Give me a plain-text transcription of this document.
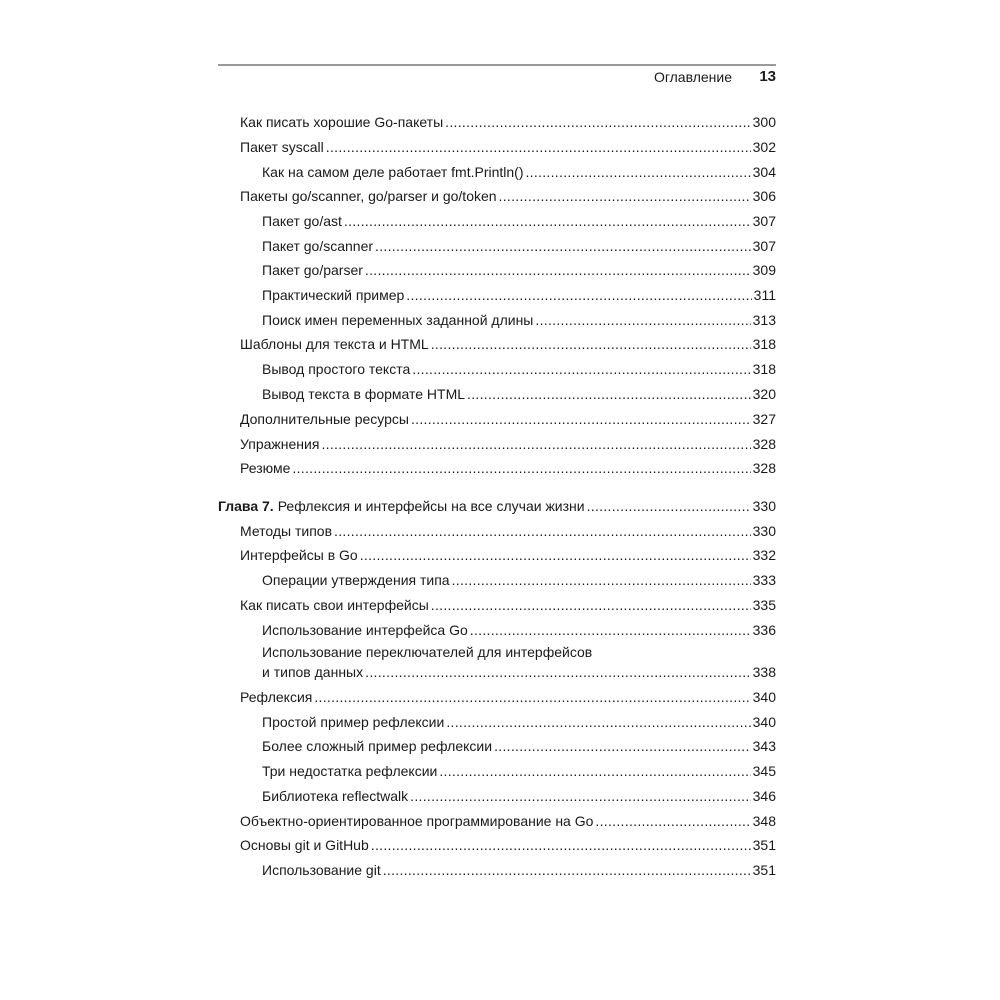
Оглавление 13
Как писать хорошие Go-пакеты .....	300
Пакет syscall .....	302
Как на самом деле работает fmt.Println() .....	304
Пакеты go/scanner, go/parser и go/token .....	306
Пакет go/ast .....	307
Пакет go/scanner .....	307
Пакет go/parser .....	309
Практический пример .....	311
Поиск имен переменных заданной длины .....	313
Шаблоны для текста и HTML .....	318
Вывод простого текста .....	318
Вывод текста в формате HTML .....	320
Дополнительные ресурсы .....	327
Упражнения .....	328
Резюме .....	328
Глава 7. Рефлексия и интерфейсы на все случаи жизни .....	330
Методы типов .....	330
Интерфейсы в Go .....	332
Операции утверждения типа .....	333
Как писать свои интерфейсы .....	335
Использование интерфейса Go .....	336
Использование переключателей для интерфейсов
и типов данных .....	338
Рефлексия .....	340
Простой пример рефлексии .....	340
Более сложный пример рефлексии .....	343
Три недостатка рефлексии .....	345
Библиотека reflectwalk .....	346
Объектно-ориентированное программирование на Go .....	348
Основы git и GitHub .....	351
Использование git .....	351
